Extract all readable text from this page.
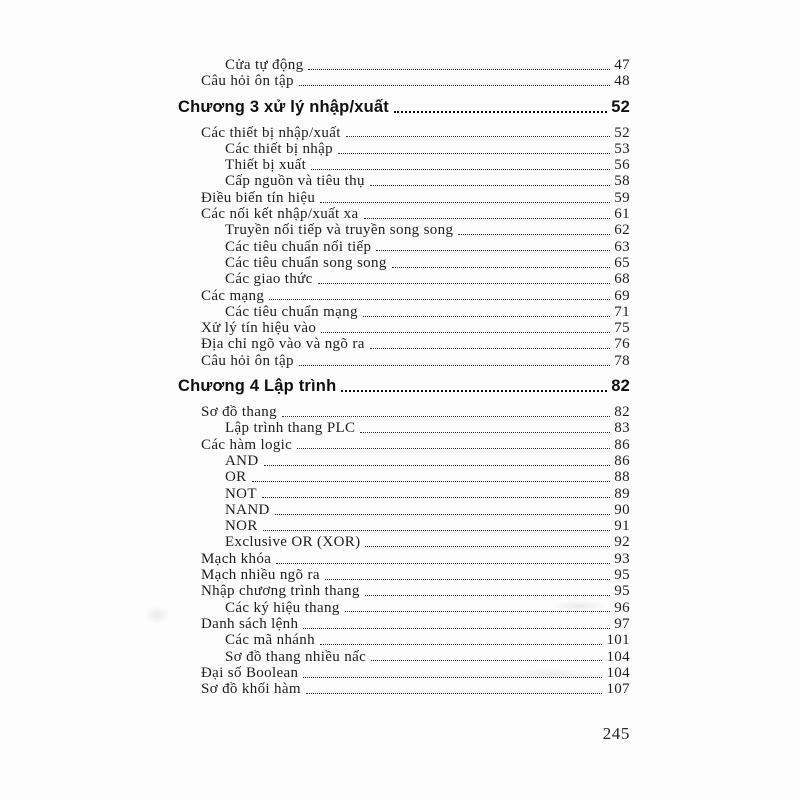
Cửa tự động	47
Câu hỏi ôn tập	48
Chương 3 xử lý nhập/xuất	52
Các thiết bị nhập/xuất	52
Các thiết bị nhập	53
Thiết bị xuất	56
Cấp nguồn và tiêu thụ	58
Điều biến tín hiệu	59
Các nối kết nhập/xuất xa	61
Truyền nối tiếp và truyền song song	62
Các tiêu chuẩn nối tiếp	63
Các tiêu chuẩn song song	65
Các giao thức	68
Các mạng	69
Các tiêu chuẩn mạng	71
Xử lý tín hiệu vào	75
Địa chỉ ngõ vào và ngõ ra	76
Câu hỏi ôn tập	78
Chương 4 Lập trình	82
Sơ đồ thang	82
Lập trình thang PLC	83
Các hàm logic	86
AND	86
OR	88
NOT	89
NAND	90
NOR	91
Exclusive OR (XOR)	92
Mạch khóa	93
Mạch nhiều ngõ ra	95
Nhập chương trình thang	95
Các ký hiệu thang	96
Danh sách lệnh	97
Các mã nhánh	101
Sơ đồ thang nhiều nấc	104
Đại số Boolean	104
Sơ đồ khối hàm	107
245
